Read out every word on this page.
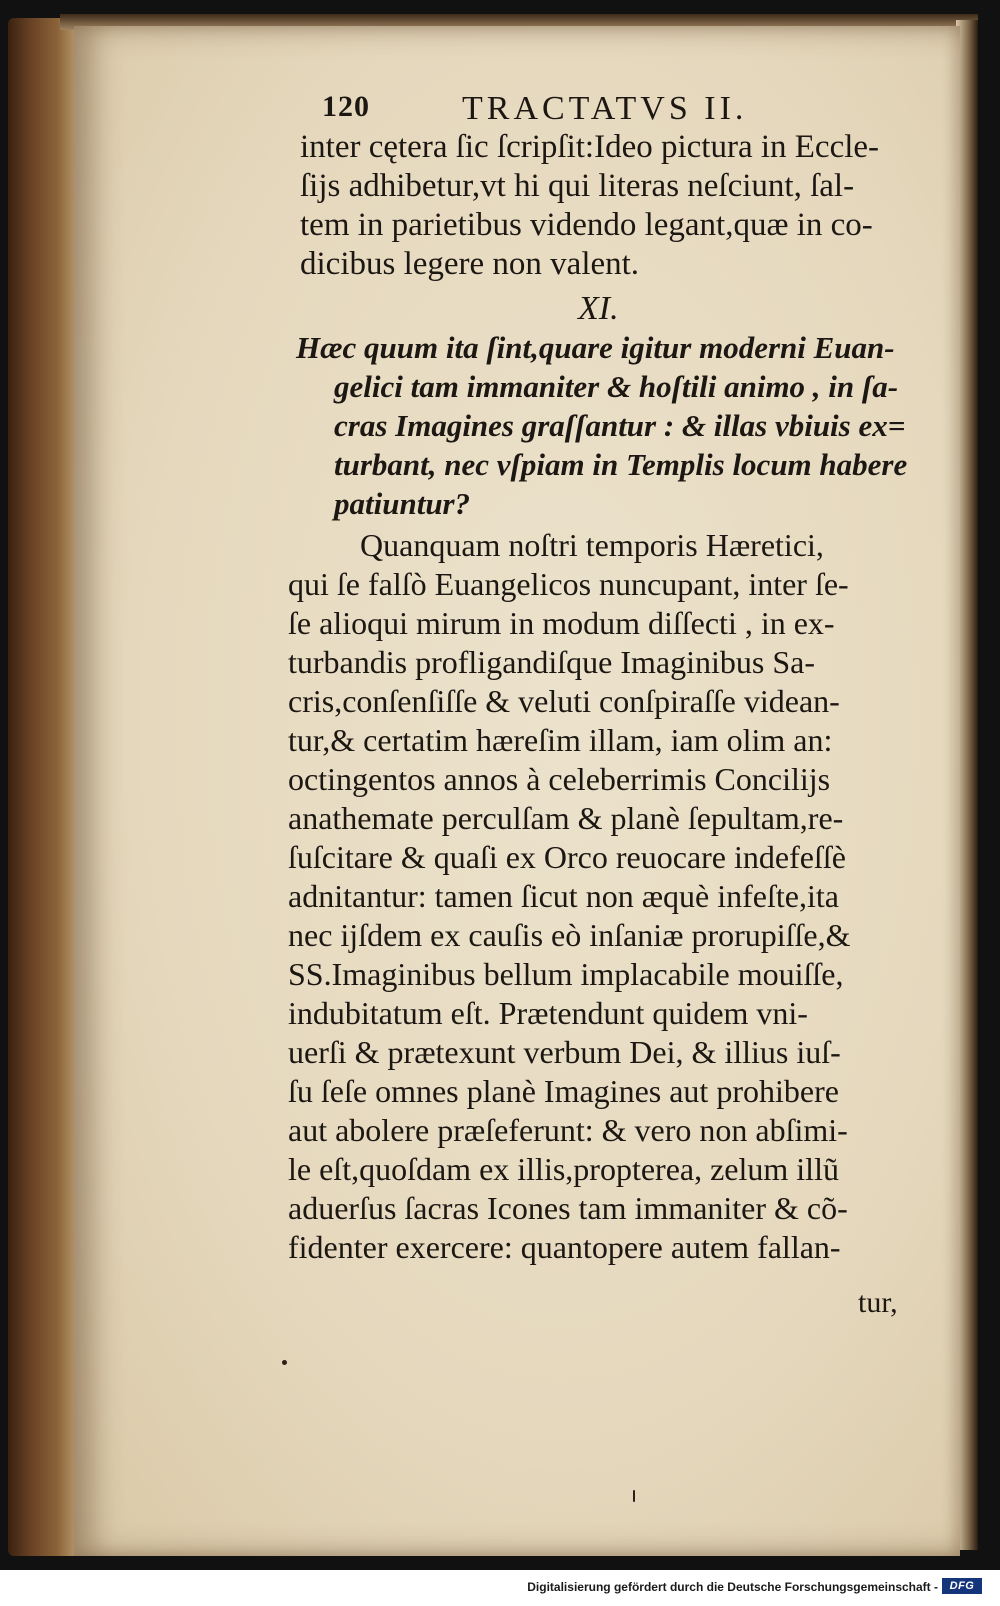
120	TRACTATVS II.
inter cętera ſic ſcripſit:Ideo pictura in Eccle-
ſijs adhibetur,vt hi qui literas neſciunt, ſal-
tem in parietibus videndo legant,quæ in co-
dicibus legere non valent.
XI.
Hæc quum ita ſint,quare igitur moderni Euan-
gelici tam immaniter & hoſtili animo , in ſa-
cras Imagines graſſantur : & illas vbiuis ex=
turbant, nec vſpiam in Templis locum habere
patiuntur?
Quanquam noſtri temporis Hæretici,
qui ſe falſò Euangelicos nuncupant, inter ſe-
ſe alioqui mirum in modum diſſecti , in ex-
turbandis profligandiſque Imaginibus Sa-
cris,conſenſiſſe & veluti conſpiraſſe videan-
tur,& certatim hæreſim illam, iam olim an:
octingentos annos à celeberrimis Concilijs
anathemate perculſam & planè ſepultam,re-
ſuſcitare & quaſi ex Orco reuocare indefeſſè
adnitantur: tamen ſicut non æquè infeſte,ita
nec ijſdem ex cauſis eò inſaniæ prorupiſſe,&
SS.Imaginibus bellum implacabile mouiſſe,
indubitatum eſt. Prætendunt quidem vni-
uerſi & prætexunt verbum Dei, & illius iuſ-
ſu ſeſe omnes planè Imagines aut prohibere
aut abolere præſeferunt: & vero non abſimi-
le eſt,quoſdam ex illis,propterea, zelum illũ
aduerſus ſacras Icones tam immaniter & cõ-
fidenter exercere: quantopere autem fallan-
tur,
Digitalisierung gefördert durch die Deutsche Forschungsgemeinschaft -	DFG
